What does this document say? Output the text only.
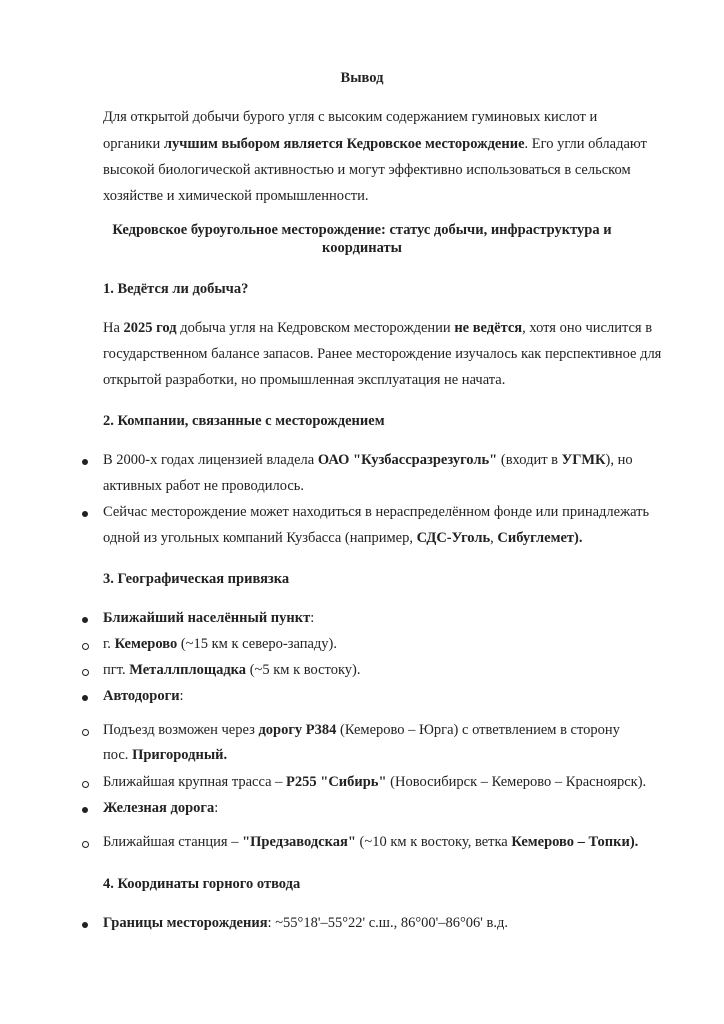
Вывод
Для открытой добычи бурого угля с высоким содержанием гуминовых кислот и
органики лучшим выбором является Кедровское месторождение. Его угли обладают
высокой биологической активностью и могут эффективно использоваться в сельском
хозяйстве и химической промышленности.
Кедровское буроугольное месторождение: статус добычи, инфраструктура и
координаты
1. Ведётся ли добыча?
На 2025 год добыча угля на Кедровском месторождении не ведётся, хотя оно числится в
государственном балансе запасов. Ранее месторождение изучалось как перспективное для
открытой разработки, но промышленная эксплуатация не начата.
2. Компании, связанные с месторождением
В 2000-х годах лицензией владела ОАО "Кузбассразрезуголь" (входит в УГМК), но
активных работ не проводилось.
Сейчас месторождение может находиться в нераспределённом фонде или принадлежать
одной из угольных компаний Кузбасса (например, СДС-Уголь, Сибуглемет).
3. Географическая привязка
Ближайший населённый пункт:
г. Кемерово (~15 км к северо-западу).
пгт. Металлплощадка (~5 км к востоку).
Автодороги:
Подъезд возможен через дорогу Р384 (Кемерово – Юрга) с ответвлением в сторону
пос. Пригородный.
Ближайшая крупная трасса – Р255 "Сибирь" (Новосибирск – Кемерово – Красноярск).
Железная дорога:
Ближайшая станция – "Предзаводская" (~10 км к востоку, ветка Кемерово – Топки).
4. Координаты горного отвода
Границы месторождения: ~55°18'–55°22' с.ш., 86°00'–86°06' в.д.
